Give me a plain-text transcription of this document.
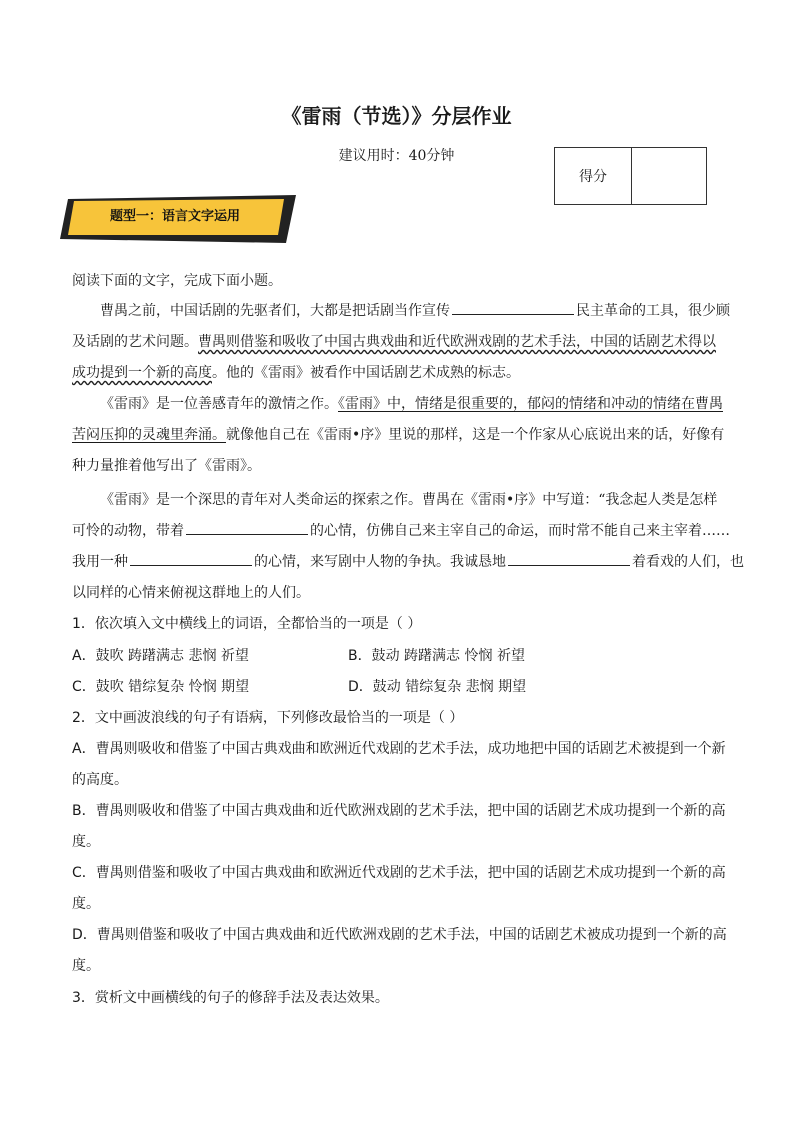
《雷雨（节选）》分层作业
建议用时：40分钟
得分
题型一：语言文字运用
阅读下面的文字，完成下面小题。
曹禺之前，中国话剧的先驱者们，大都是把话剧当作宣传	民主革命的工具，很少顾
及话剧的艺术问题。曹禺则借鉴和吸收了中国古典戏曲和近代欧洲戏剧的艺术手法，中国的话剧艺术得以
成功提到一个新的高度。他的《雷雨》被看作中国话剧艺术成熟的标志。
《雷雨》是一位善感青年的激情之作。《雷雨》中，情绪是很重要的，郁闷的情绪和冲动的情绪在曹禺
苦闷压抑的灵魂里奔涌。就像他自己在《雷雨•序》里说的那样，这是一个作家从心底说出来的话，好像有
种力量推着他写出了《雷雨》。
《雷雨》是一个深思的青年对人类命运的探索之作。曹禺在《雷雨•序》中写道：“我念起人类是怎样
可怜的动物，带着	的心情，仿佛自己来主宰自己的命运，而时常不能自己来主宰着……
我用一种	的心情，来写剧中人物的争执。我诚恳地	着看戏的人们，也
以同样的心情来俯视这群地上的人们。
1．依次填入文中横线上的词语，全都恰当的一项是（ ）
A．鼓吹 踌躇满志 悲悯 祈望	B．鼓动 踌躇满志 怜悯 祈望
C．鼓吹 错综复杂 怜悯 期望	D．鼓动 错综复杂 悲悯 期望
2．文中画波浪线的句子有语病，下列修改最恰当的一项是（ ）
A．曹禺则吸收和借鉴了中国古典戏曲和欧洲近代戏剧的艺术手法，成功地把中国的话剧艺术被提到一个新
的高度。
B．曹禺则吸收和借鉴了中国古典戏曲和近代欧洲戏剧的艺术手法，把中国的话剧艺术成功提到一个新的高
度。
C．曹禺则借鉴和吸收了中国古典戏曲和欧洲近代戏剧的艺术手法，把中国的话剧艺术成功提到一个新的高
度。
D．曹禺则借鉴和吸收了中国古典戏曲和近代欧洲戏剧的艺术手法，中国的话剧艺术被成功提到一个新的高
度。
3．赏析文中画横线的句子的修辞手法及表达效果。
